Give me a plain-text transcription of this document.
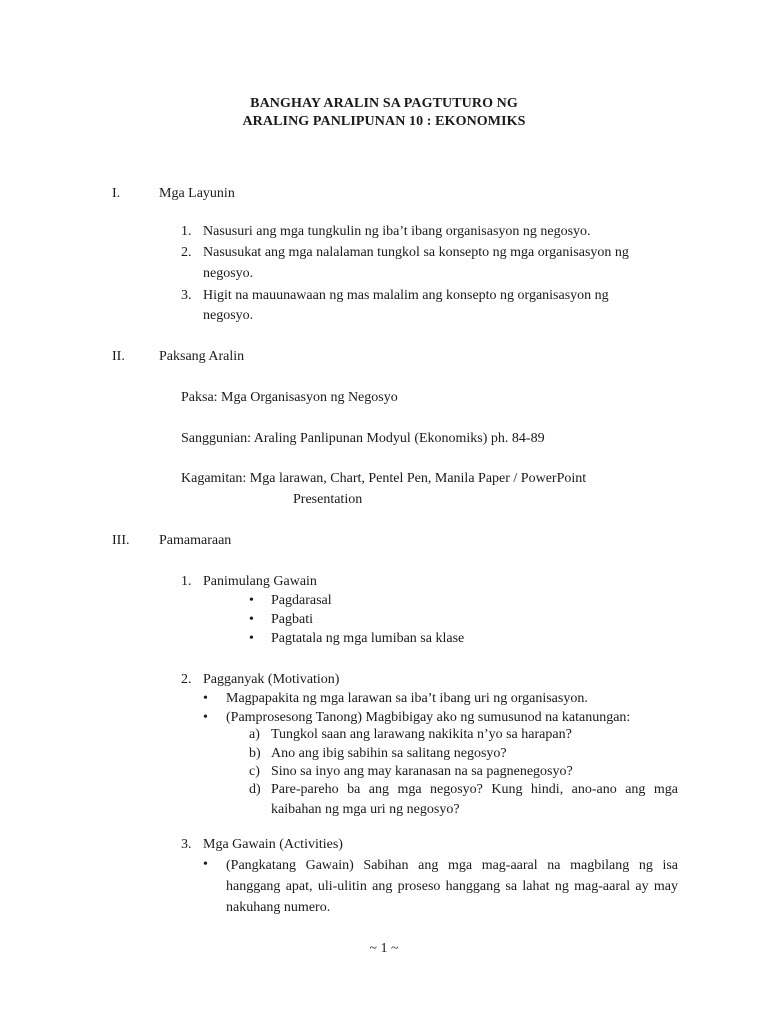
BANGHAY ARALIN SA PAGTUTURO NG
ARALING PANLIPUNAN 10 : EKONOMIKS
I.	Mga Layunin
1. Nasusuri ang mga tungkulin ng iba’t ibang organisasyon ng negosyo.
2. Nasusukat ang mga nalalaman tungkol sa konsepto ng mga organisasyon ng
negosyo.
3. Higit na mauunawaan ng mas malalim ang konsepto ng organisasyon ng
negosyo.
II. Paksang Aralin
Paksa: Mga Organisasyon ng Negosyo
Sanggunian: Araling Panlipunan Modyul (Ekonomiks) ph. 84-89
Kagamitan: Mga larawan, Chart, Pentel Pen, Manila Paper / PowerPoint
Presentation
III. Pamamaraan
1. Panimulang Gawain
• Pagdarasal
• Pagbati
• Pagtatala ng mga lumiban sa klase
2. Pagganyak (Motivation)
• Magpapakita ng mga larawan sa iba’t ibang uri ng organisasyon.
• (Pamprosesong Tanong) Magbibigay ako ng sumusunod na katanungan:
a) Tungkol saan ang larawang nakikita n’yo sa harapan?
b) Ano ang ibig sabihin sa salitang negosyo?
c) Sino sa inyo ang may karanasan na sa pagnenegosyo?
d) Pare-pareho ba ang mga negosyo? Kung hindi, ano-ano ang mga kaibahan ng mga uri ng negosyo?
3. Mga Gawain (Activities)
• (Pangkatang Gawain) Sabihan ang mga mag-aaral na magbilang ng isa hanggang apat, uli-ulitin ang proseso hanggang sa lahat ng mag-aaral ay may nakuhang numero.
~ 1 ~
